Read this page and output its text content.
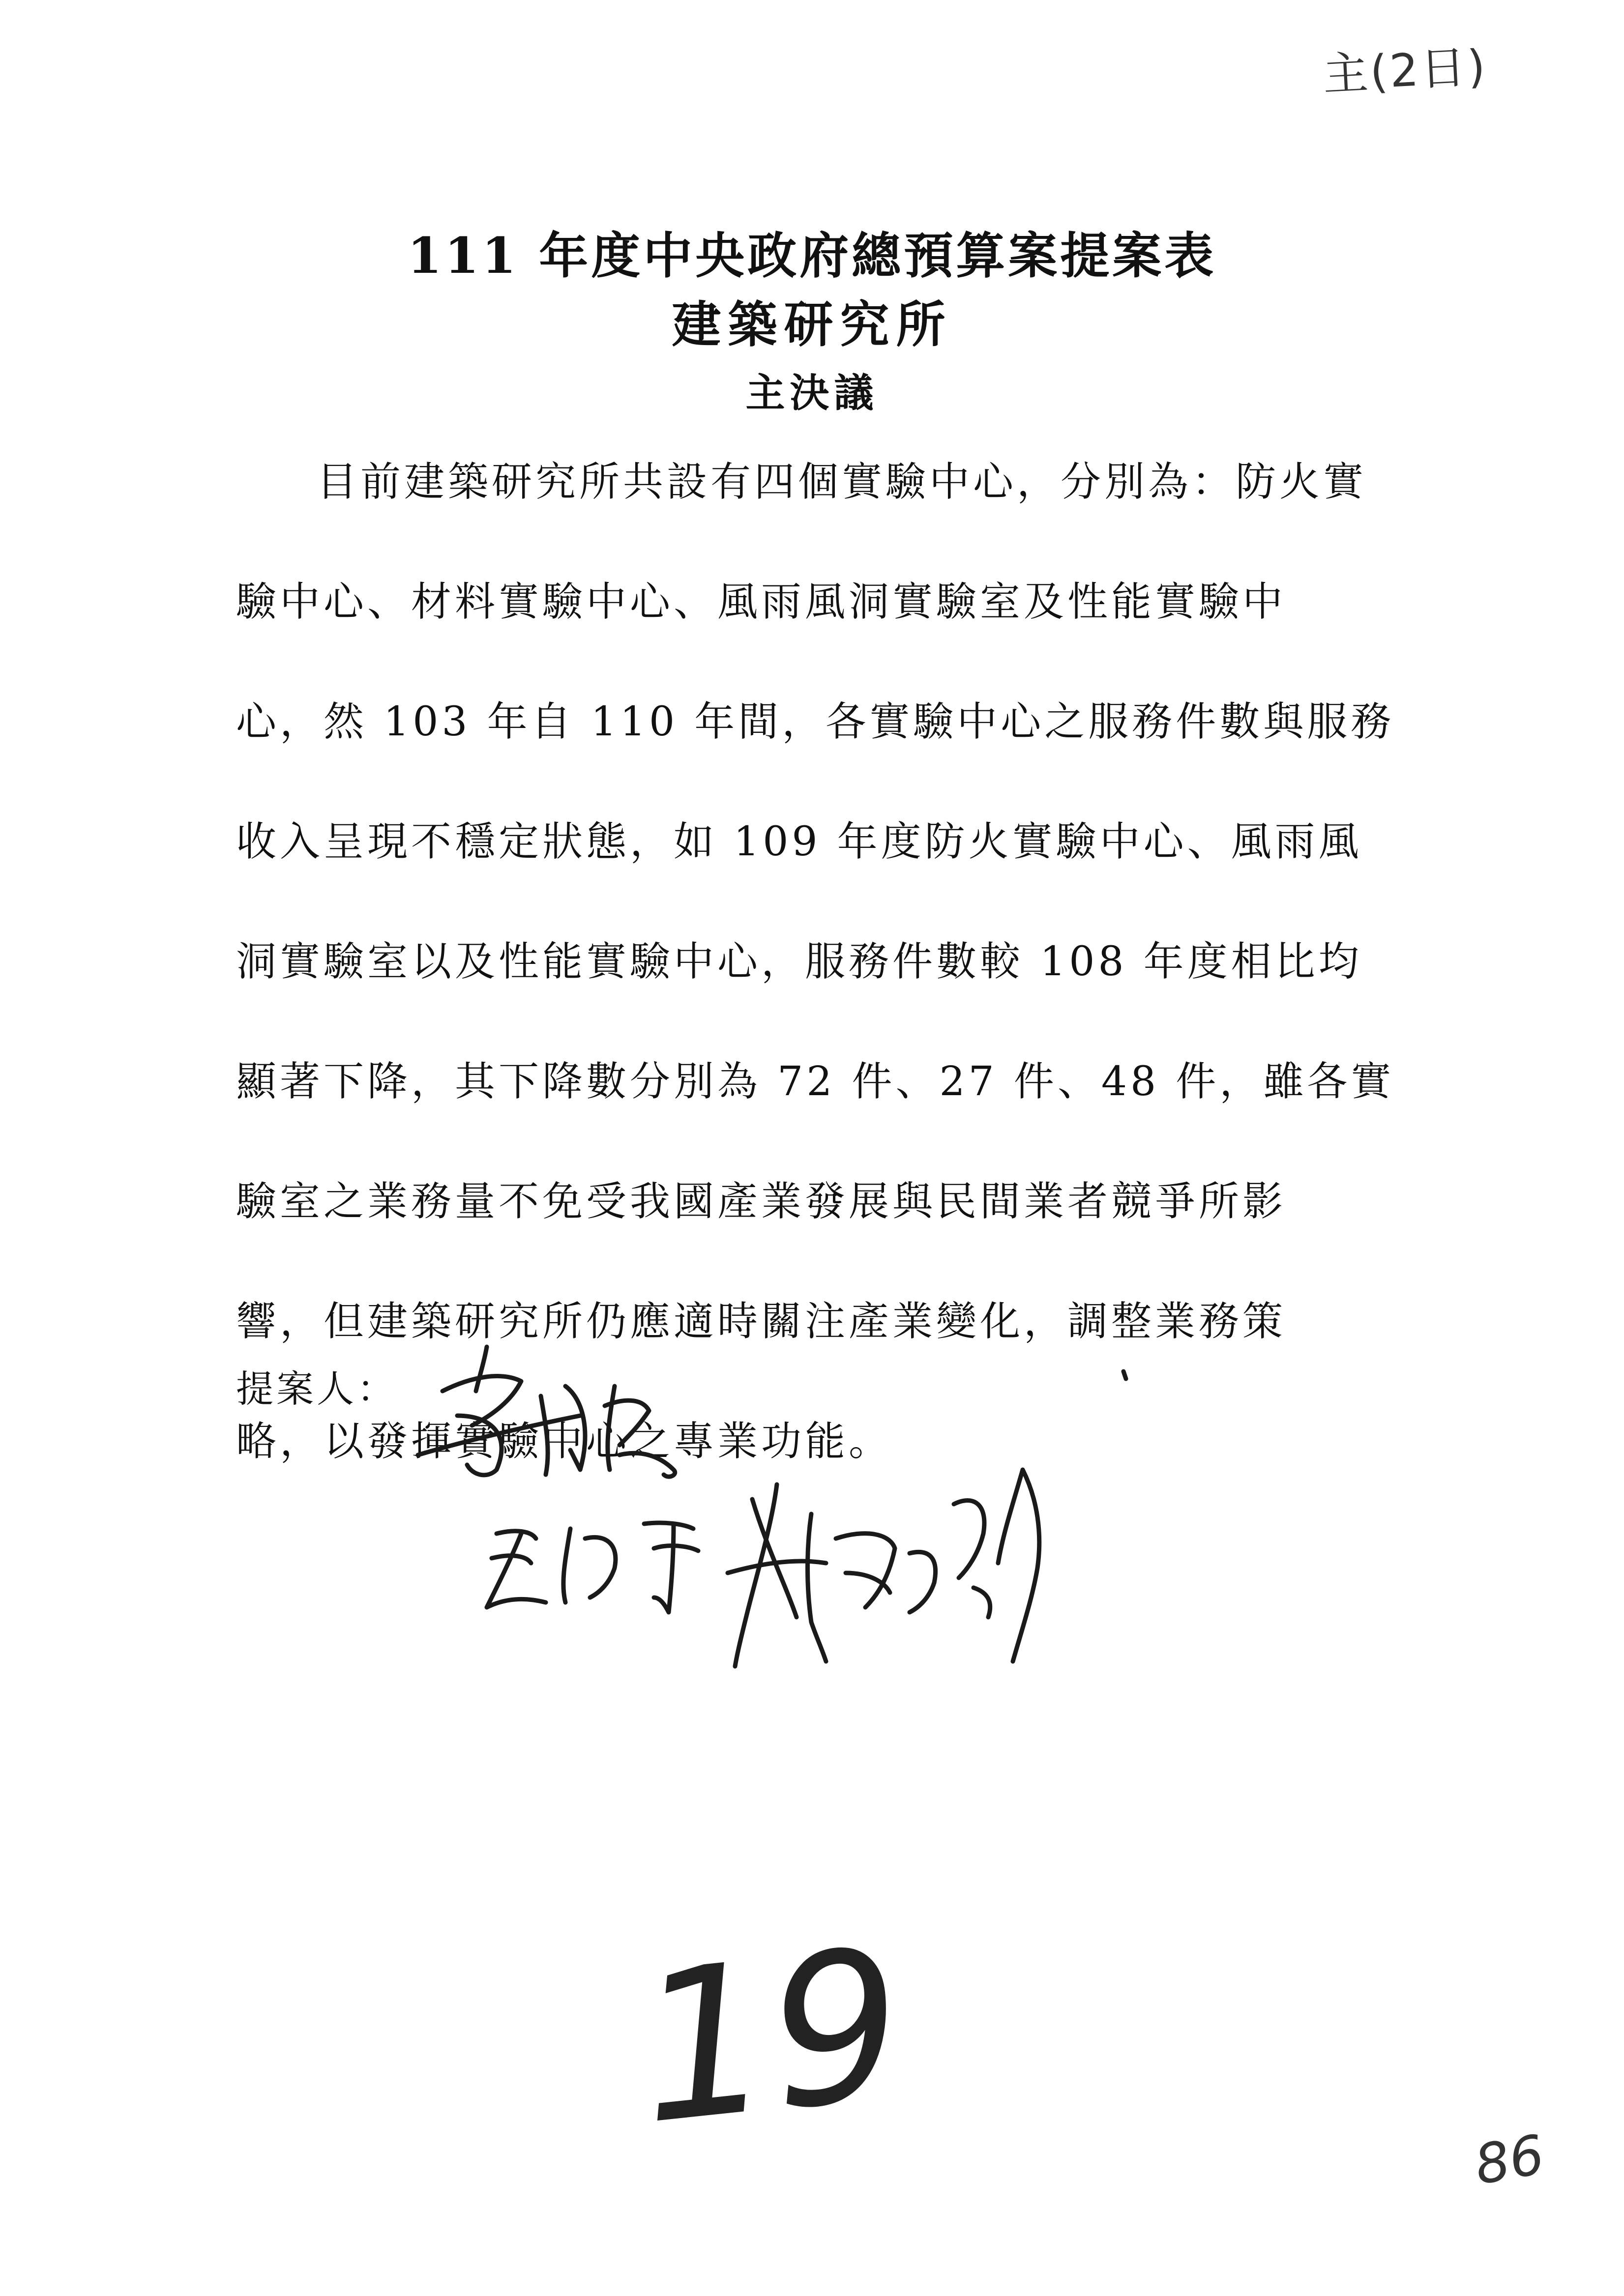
主(2日)
111 年度中央政府總預算案提案表
建築研究所
主決議
目前建築研究所共設有四個實驗中心，分別為：防火實
驗中心、材料實驗中心、風雨風洞實驗室及性能實驗中
心，然 103 年自 110 年間，各實驗中心之服務件數與服務
收入呈現不穩定狀態，如 109 年度防火實驗中心、風雨風
洞實驗室以及性能實驗中心，服務件數較 108 年度相比均
顯著下降，其下降數分別為 72 件、27 件、48 件，雖各實
驗室之業務量不免受我國產業發展與民間業者競爭所影
響，但建築研究所仍應適時關注產業變化，調整業務策
略，以發揮實驗中心之專業功能。
提案人：
19	86
